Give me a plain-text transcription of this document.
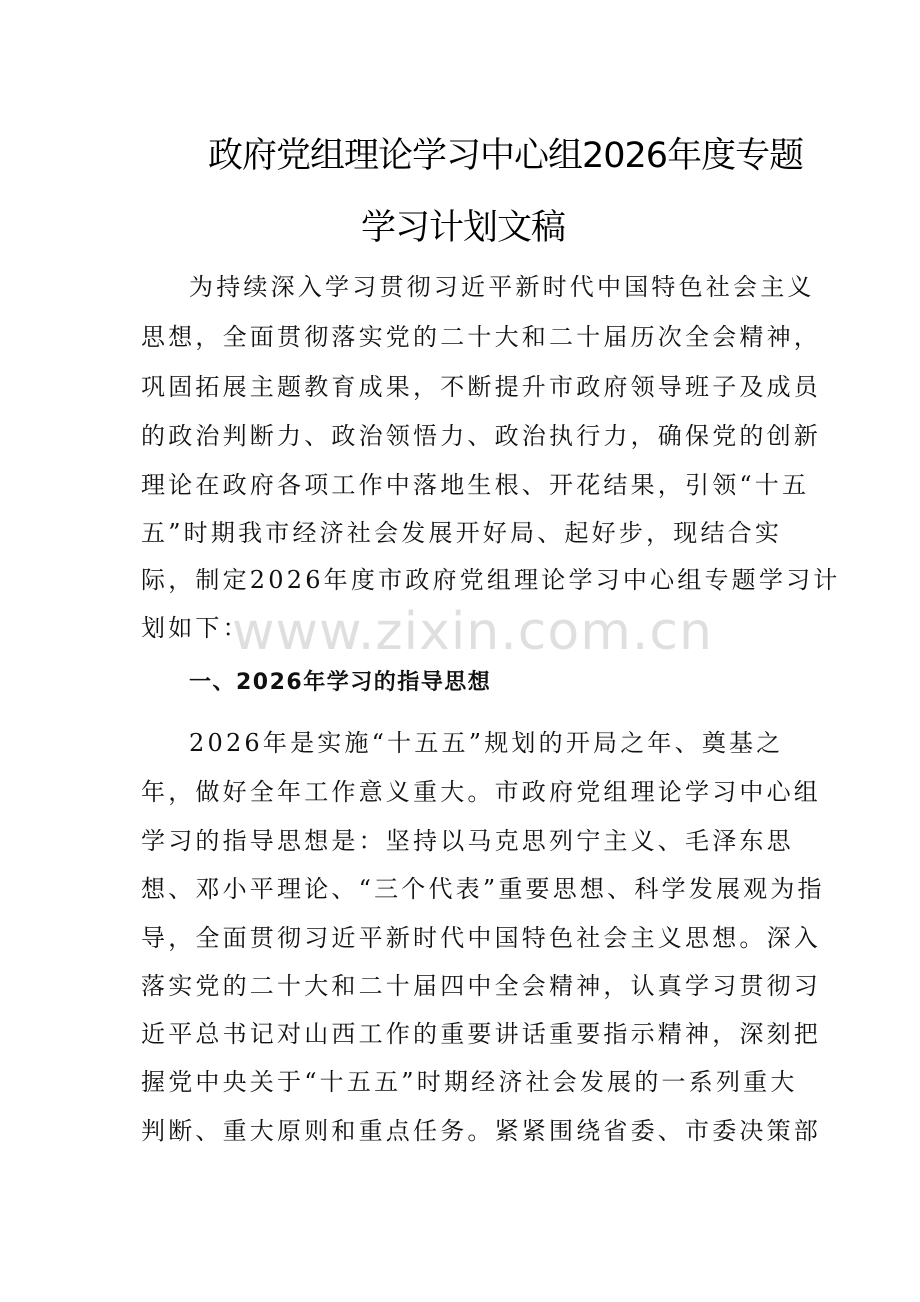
政府党组理论学习中心组2026年度专题
学习计划文稿
为持续深入学习贯彻习近平新时代中国特色社会主义
思想，全面贯彻落实党的二十大和二十届历次全会精神，
巩固拓展主题教育成果，不断提升市政府领导班子及成员
的政治判断力、政治领悟力、政治执行力，确保党的创新
理论在政府各项工作中落地生根、开花结果，引领“十五
五”时期我市经济社会发展开好局、起好步，现结合实
际，制定2026年度市政府党组理论学习中心组专题学习计
划如下：
一、2026年学习的指导思想
2026年是实施“十五五”规划的开局之年、奠基之
年，做好全年工作意义重大。市政府党组理论学习中心组
学习的指导思想是：坚持以马克思列宁主义、毛泽东思
想、邓小平理论、“三个代表”重要思想、科学发展观为指
导，全面贯彻习近平新时代中国特色社会主义思想。深入
落实党的二十大和二十届四中全会精神，认真学习贯彻习
近平总书记对山西工作的重要讲话重要指示精神，深刻把
握党中央关于“十五五”时期经济社会发展的一系列重大
判断、重大原则和重点任务。紧紧围绕省委、市委决策部
www.zixin.com.cn
